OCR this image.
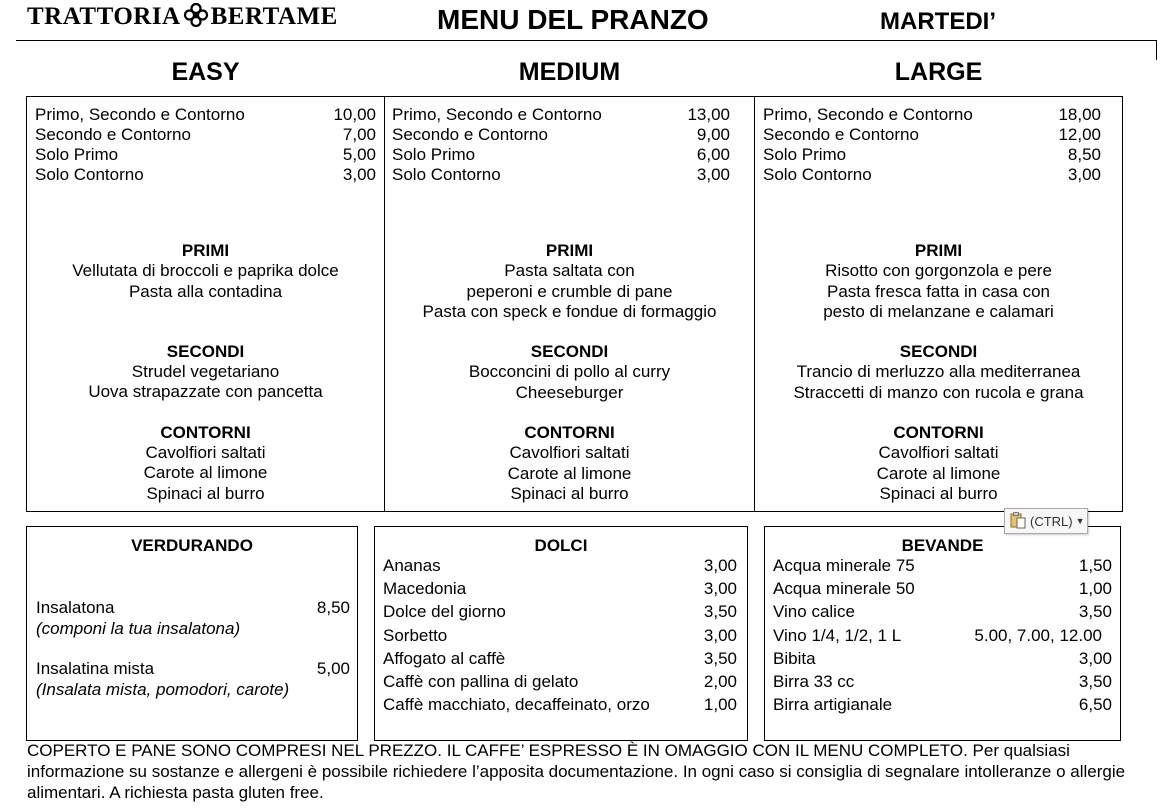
TRATTORIA BERTAME	MENU DEL PRANZO	MARTEDI’
EASY	MEDIUM	LARGE
Primo, Secondo e Contorno	10,00
Secondo e Contorno	7,00
Solo Primo	5,00
Solo Contorno	3,00
PRIMI
Vellutata di broccoli e paprika dolce
Pasta alla contadina
SECONDI
Strudel vegetariano
Uova strapazzate con pancetta
CONTORNI
Cavolfiori saltati
Carote al limone
Spinaci al burro
Primo, Secondo e Contorno	13,00
Secondo e Contorno	9,00
Solo Primo	6,00
Solo Contorno	3,00
PRIMI
Pasta saltata con
peperoni e crumble di pane
Pasta con speck e fondue di formaggio
SECONDI
Bocconcini di pollo al curry
Cheeseburger
CONTORNI
Cavolfiori saltati
Carote al limone
Spinaci al burro
Primo, Secondo e Contorno	18,00
Secondo e Contorno	12,00
Solo Primo	8,50
Solo Contorno	3,00
PRIMI
Risotto con gorgonzola e pere
Pasta fresca fatta in casa con
pesto di melanzane e calamari
SECONDI
Trancio di merluzzo alla mediterranea
Straccetti di manzo con rucola e grana
CONTORNI
Cavolfiori saltati
Carote al limone
Spinaci al burro
VERDURANDO
Insalatona	8,50
(componi la tua insalatona)
Insalatina mista	5,00
(Insalata mista, pomodori, carote)
DOLCI
Ananas	3,00
Macedonia	3,00
Dolce del giorno	3,50
Sorbetto	3,00
Affogato al caffè	3,50
Caffè con pallina di gelato	2,00
Caffè macchiato, decaffeinato, orzo	1,00
BEVANDE
Acqua minerale 75	1,50
Acqua minerale 50	1,00
Vino calice	3,50
Vino 1/4, 1/2, 1 L	5.00, 7.00, 12.00
Bibita	3,00
Birra 33 cc	3,50
Birra artigianale	6,50
(CTRL) ▼
COPERTO E PANE SONO COMPRESI NEL PREZZO. IL CAFFE’ ESPRESSO È IN OMAGGIO CON IL MENU COMPLETO. Per qualsiasi informazione su sostanze e allergeni è possibile richiedere l’apposita documentazione. In ogni caso si consiglia di segnalare intolleranze o allergie alimentari. A richiesta pasta gluten free.
